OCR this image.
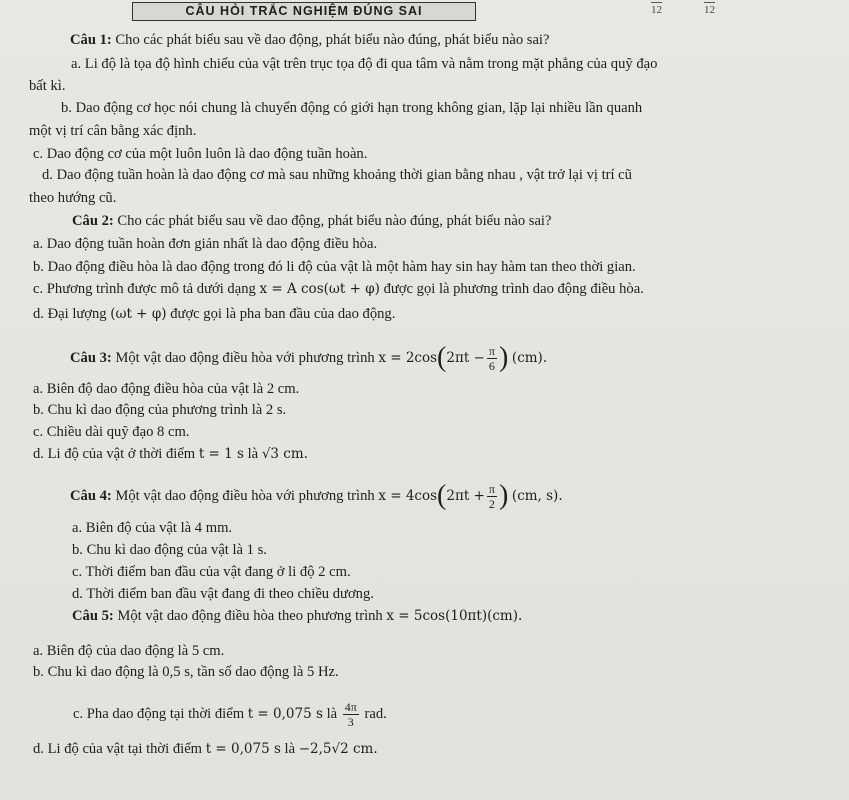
CÂU HỎI TRẮC NGHIỆM ĐÚNG SAI	12	12
Câu 1: Cho các phát biểu sau về dao động, phát biểu nào đúng, phát biểu nào sai?
a. Li độ là tọa độ hình chiếu của vật trên trục tọa độ đi qua tâm và nằm trong mặt phẳng của quỹ đạo
bất kì.
b. Dao động cơ học nói chung là chuyển động có giới hạn trong không gian, lặp lại nhiều lần quanh
một vị trí cân bằng xác định.
c. Dao động cơ của một luôn luôn là dao động tuần hoàn.
d. Dao động tuần hoàn là dao động cơ mà sau những khoảng thời gian bằng nhau , vật trở lại vị trí cũ
theo hướng cũ.
Câu 2: Cho các phát biểu sau về dao động, phát biểu nào đúng, phát biểu nào sai?
a. Dao động tuần hoàn đơn giản nhất là dao động điều hòa.
b. Dao động điều hòa là dao động trong đó li độ của vật là một hàm hay sin hay hàm tan theo thời gian.
c. Phương trình được mô tả dưới dạng x = A cos(ωt + φ) được gọi là phương trình dao động điều hòa.
d. Đại lượng (ωt + φ) được gọi là pha ban đầu của dao động.
Câu 3: Một vật dao động điều hòa với phương trình $x = 2\cos(2\pi t - \frac{\pi}{6}$ ) (cm).
a. Biên độ dao động điều hòa của vật là 2 cm.
b. Chu kì dao động của phương trình là 2 s.
c. Chiều dài quỹ đạo 8 cm.
d. Li độ của vật ở thời điểm t = 1 s là √3 cm.
Câu 4: Một vật dao động điều hòa với phương trình $x = 4\cos(2\pi t + \frac{\pi}{2}$ ) (cm, s).
a. Biên độ của vật là 4 mm.
b. Chu kì dao động của vật là 1 s.
c. Thời điểm ban đầu của vật đang ở li độ 2 cm.
d. Thời điểm ban đầu vật đang đi theo chiều dương.
Câu 5: Một vật dao động điều hòa theo phương trình x = 5cos(10πt)(cm).
a. Biên độ của dao động là 5 cm.
b. Chu kì dao động là 0,5 s, tần số dao động là 5 Hz.
c. Pha dao động tại thời điểm t = 0,075 s là $\frac{4\pi}{3}$ rad.
d. Li độ của vật tại thời điểm t = 0,075 s là −2,5√2 cm.
